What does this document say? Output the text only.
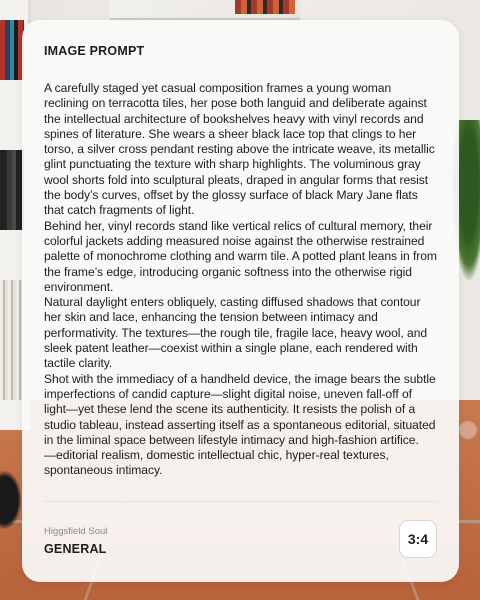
IMAGE PROMPT

A carefully staged yet casual composition frames a young woman reclining on terracotta tiles, her pose both languid and deliberate against the intellectual architecture of bookshelves heavy with vinyl records and spines of literature. She wears a sheer black lace top that clings to her torso, a silver cross pendant resting above the intricate weave, its metallic glint punctuating the texture with sharp highlights. The voluminous gray wool shorts fold into sculptural pleats, draped in angular forms that resist the body’s curves, offset by the glossy surface of black Mary Jane flats that catch fragments of light.

Behind her, vinyl records stand like vertical relics of cultural memory, their colorful jackets adding measured noise against the otherwise restrained palette of monochrome clothing and warm tile. A potted plant leans in from the frame’s edge, introducing organic softness into the otherwise rigid environment.

Natural daylight enters obliquely, casting diffused shadows that contour her skin and lace, enhancing the tension between intimacy and performativity. The textures—the rough tile, fragile lace, heavy wool, and sleek patent leather—coexist within a single plane, each rendered with tactile clarity.

Shot with the immediacy of a handheld device, the image bears the subtle imperfections of candid capture—slight digital noise, uneven fall-off of light—yet these lend the scene its authenticity. It resists the polish of a studio tableau, instead asserting itself as a spontaneous editorial, situated in the liminal space between lifestyle intimacy and high-fashion artifice.

—editorial realism, domestic intellectual chic, hyper-real textures, spontaneous intimacy.

Higgsfield Soul
GENERAL
3:4
